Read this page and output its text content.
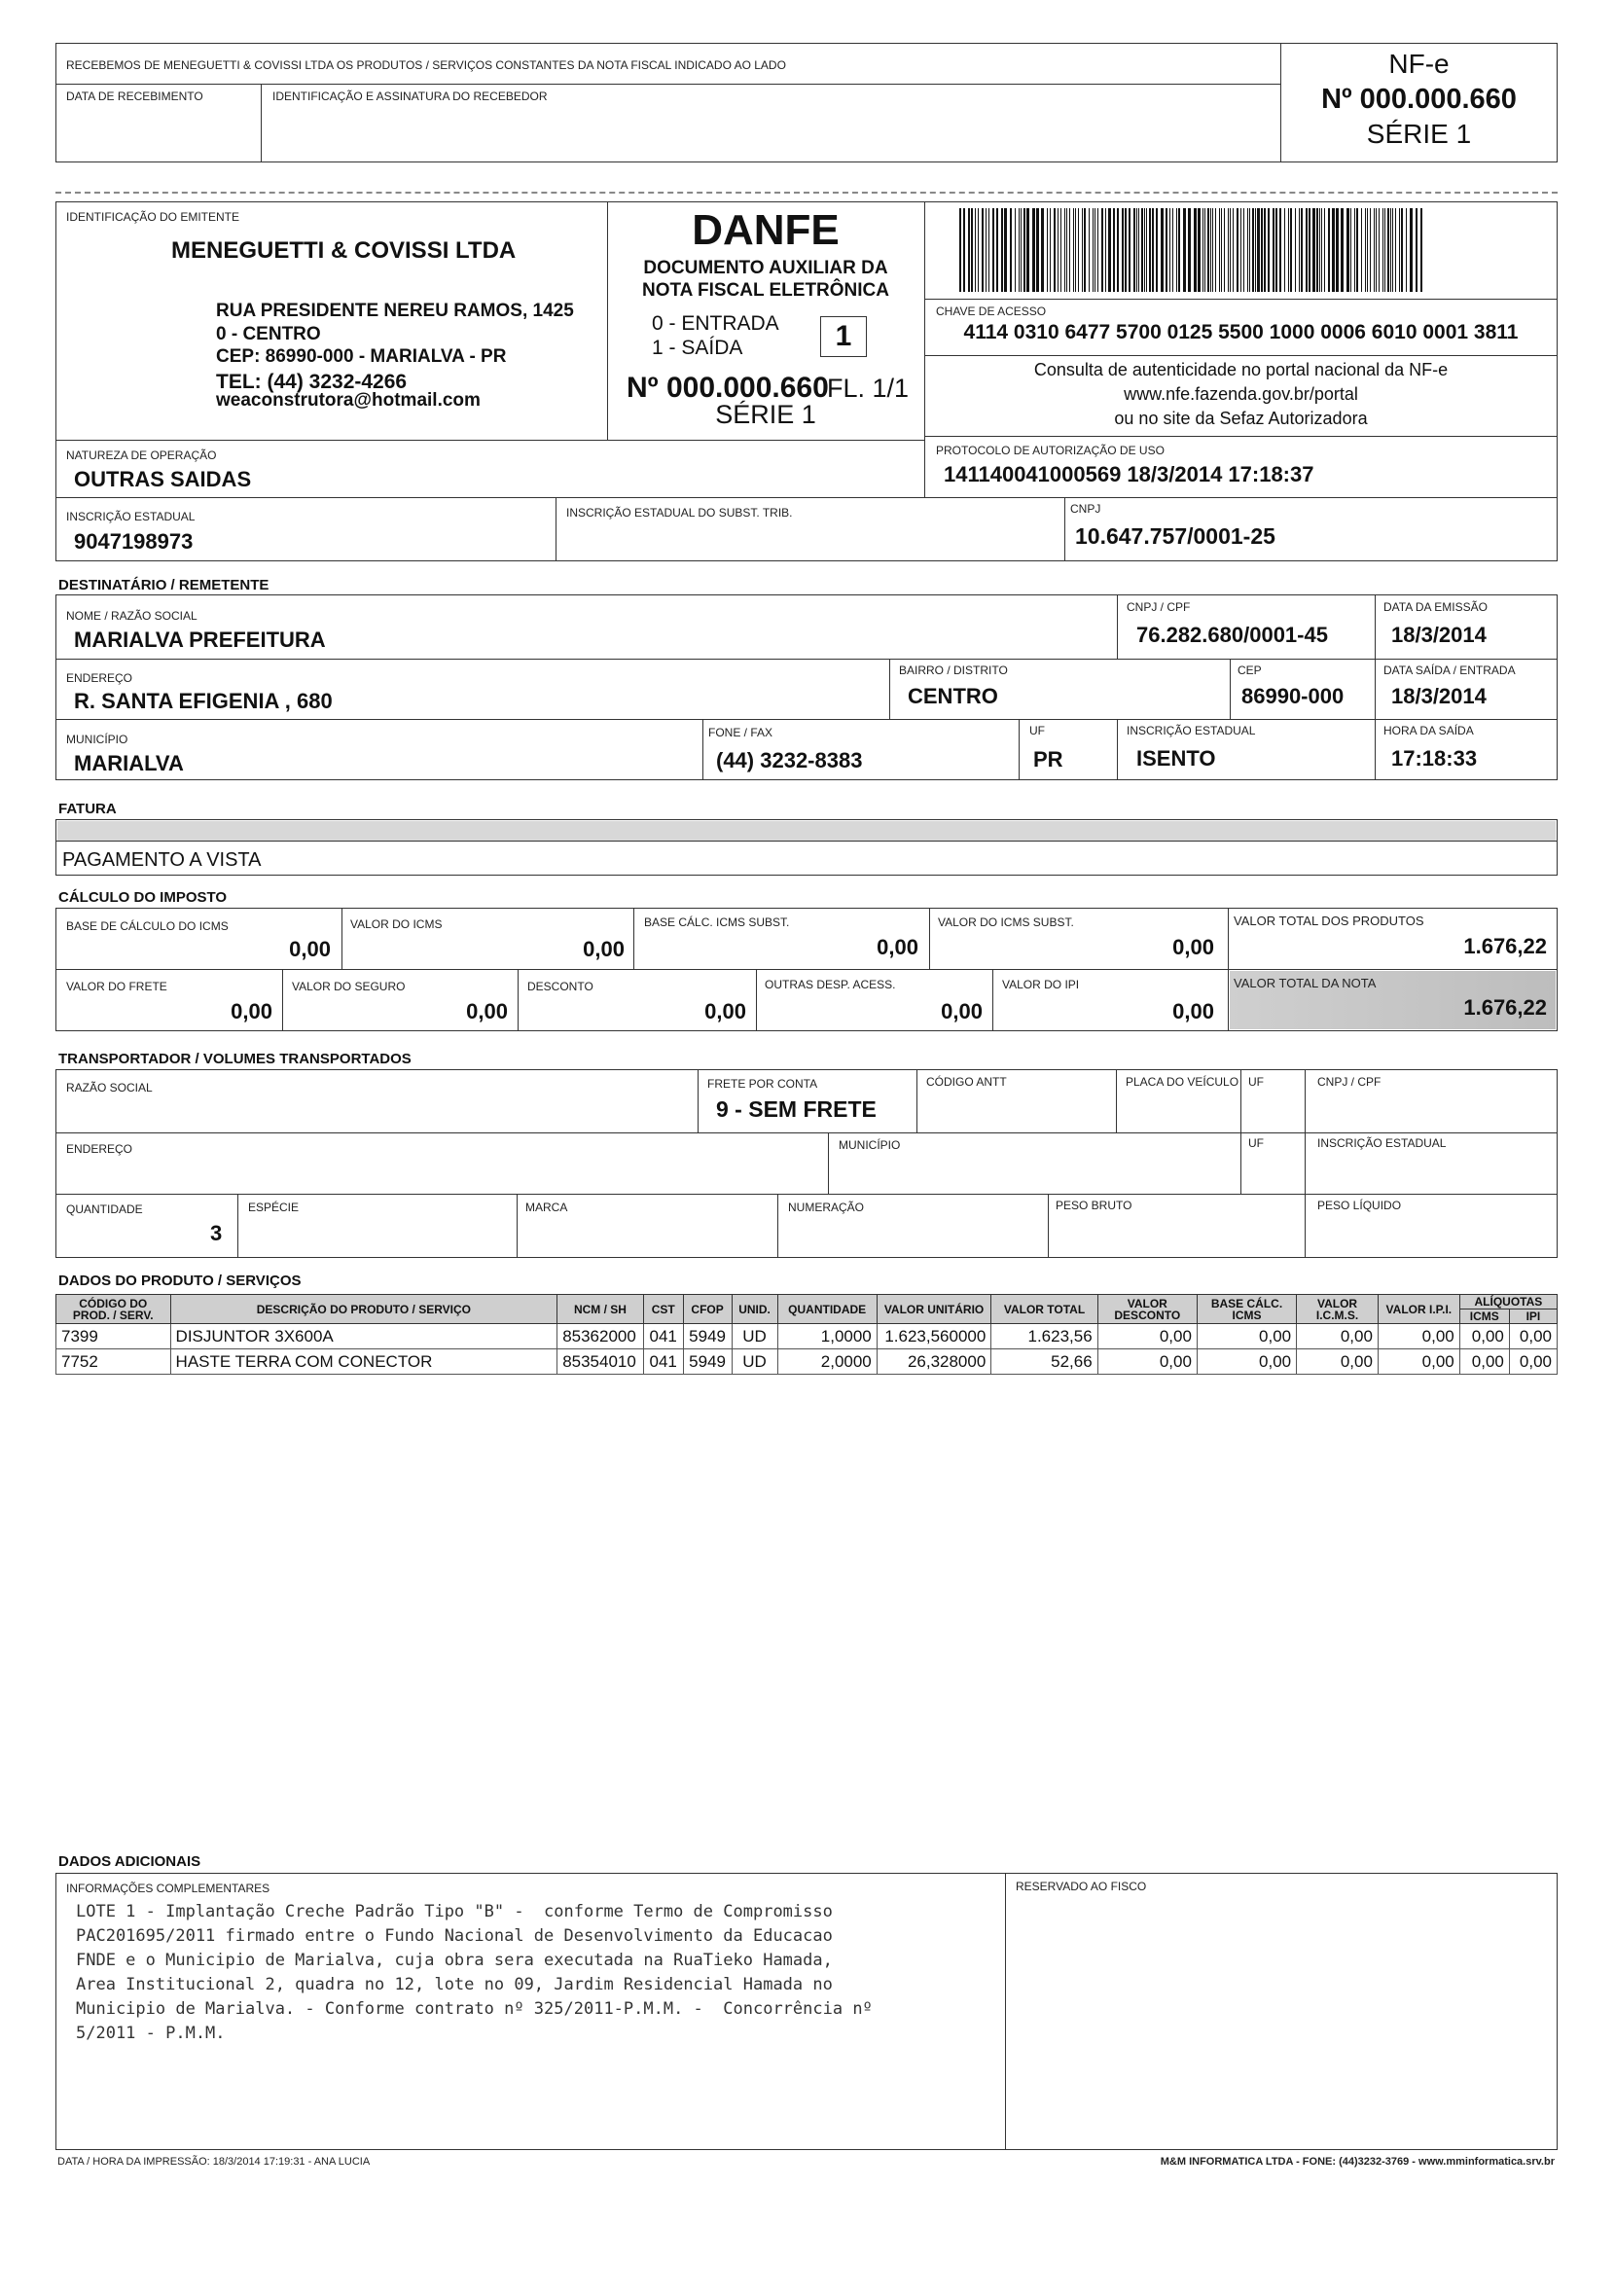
RECEBEMOS DE MENEGUETTI & COVISSI LTDA OS PRODUTOS / SERVIÇOS CONSTANTES DA NOTA FISCAL INDICADO AO LADO
DATA DE RECEBIMENTO	IDENTIFICAÇÃO E ASSINATURA DO RECEBEDOR
NF-e
Nº 000.000.660
SÉRIE 1
IDENTIFICAÇÃO DO EMITENTE
MENEGUETTI & COVISSI LTDA
RUA PRESIDENTE NEREU RAMOS, 1425
0 - CENTRO
CEP: 86990-000 - MARIALVA - PR
TEL: (44) 3232-4266
weaconstrutora@hotmail.com
DANFE
DOCUMENTO AUXILIAR DA
NOTA FISCAL ELETRÔNICA
0 - ENTRADA
1 - SAÍDA	1
Nº 000.000.660
FL. 1/1
SÉRIE 1
CHAVE DE ACESSO
4114 0310 6477 5700 0125 5500 1000 0006 6010 0001 3811
Consulta de autenticidade no portal nacional da NF-e
www.nfe.fazenda.gov.br/portal
ou no site da Sefaz Autorizadora
NATUREZA DE OPERAÇÃO
OUTRAS SAIDAS
PROTOCOLO DE AUTORIZAÇÃO DE USO
141140041000569 18/3/2014 17:18:37
INSCRIÇÃO ESTADUAL
9047198973
INSCRIÇÃO ESTADUAL DO SUBST. TRIB.	CNPJ
10.647.757/0001-25
DESTINATÁRIO / REMETENTE
NOME / RAZÃO SOCIAL
MARIALVA PREFEITURA
CNPJ / CPF
76.282.680/0001-45
DATA DA EMISSÃO
18/3/2014
ENDEREÇO
R. SANTA EFIGENIA , 680
BAIRRO / DISTRITO
CENTRO
CEP
86990-000
DATA SAÍDA / ENTRADA
18/3/2014
MUNICÍPIO
MARIALVA
FONE / FAX
(44) 3232-8383
UF
PR
INSCRIÇÃO ESTADUAL
ISENTO
HORA DA SAÍDA
17:18:33
FATURA
PAGAMENTO A VISTA
CÁLCULO DO IMPOSTO
BASE DE CÁLCULO DO ICMS
0,00
VALOR DO ICMS
0,00
BASE CÁLC. ICMS SUBST.
0,00
VALOR DO ICMS SUBST.
0,00
VALOR TOTAL DOS PRODUTOS
1.676,22
VALOR DO FRETE
0,00
VALOR DO SEGURO
0,00
DESCONTO
0,00
OUTRAS DESP. ACESS.
0,00
VALOR DO IPI
0,00
VALOR TOTAL DA NOTA
1.676,22
TRANSPORTADOR / VOLUMES TRANSPORTADOS
RAZÃO SOCIAL	FRETE POR CONTA
9 - SEM FRETE
CÓDIGO ANTT	PLACA DO VEÍCULO UF	CNPJ / CPF
ENDEREÇO	MUNICÍPIO	UF	INSCRIÇÃO ESTADUAL
QUANTIDADE
3
ESPÉCIE	MARCA	NUMERAÇÃO	PESO BRUTO	PESO LÍQUIDO
DADOS DO PRODUTO / SERVIÇOS
CÓDIGO DO PROD. / SERV.	DESCRIÇÃO DO PRODUTO / SERVIÇO	NCM / SH	CST	CFOP	UNID.	QUANTIDADE	VALOR UNITÁRIO	VALOR TOTAL	VALOR DESCONTO	BASE CÁLC. ICMS	VALOR I.C.M.S.	VALOR I.P.I.	ALÍQUOTAS	
													ICMS	IPI
7399	DISJUNTOR 3X600A	85362000	041	5949	UD	1,0000	1.623,560000	1.623,56	0,00	0,00	0,00	0,00	0,00	0,00
7752	HASTE TERRA COM CONECTOR	85354010	041	5949	UD	2,0000	26,328000	52,66	0,00	0,00	0,00	0,00	0,00	0,00
DADOS ADICIONAIS
INFORMAÇÕES COMPLEMENTARES
LOTE 1 - Implantação Creche Padrão Tipo "B" -  conforme Termo de Compromisso
PAC201695/2011 firmado entre o Fundo Nacional de Desenvolvimento da Educacao
FNDE e o Municipio de Marialva, cuja obra sera executada na RuaTieko Hamada,
Area Institucional 2, quadra no 12, lote no 09, Jardim Residencial Hamada no
Municipio de Marialva. - Conforme contrato nº 325/2011-P.M.M. -  Concorrência nº
5/2011 - P.M.M.
RESERVADO AO FISCO
DATA / HORA DA IMPRESSÃO: 18/3/2014 17:19:31 - ANA LUCIA	M&M INFORMATICA LTDA - FONE: (44)3232-3769 - www.mminformatica.srv.br
